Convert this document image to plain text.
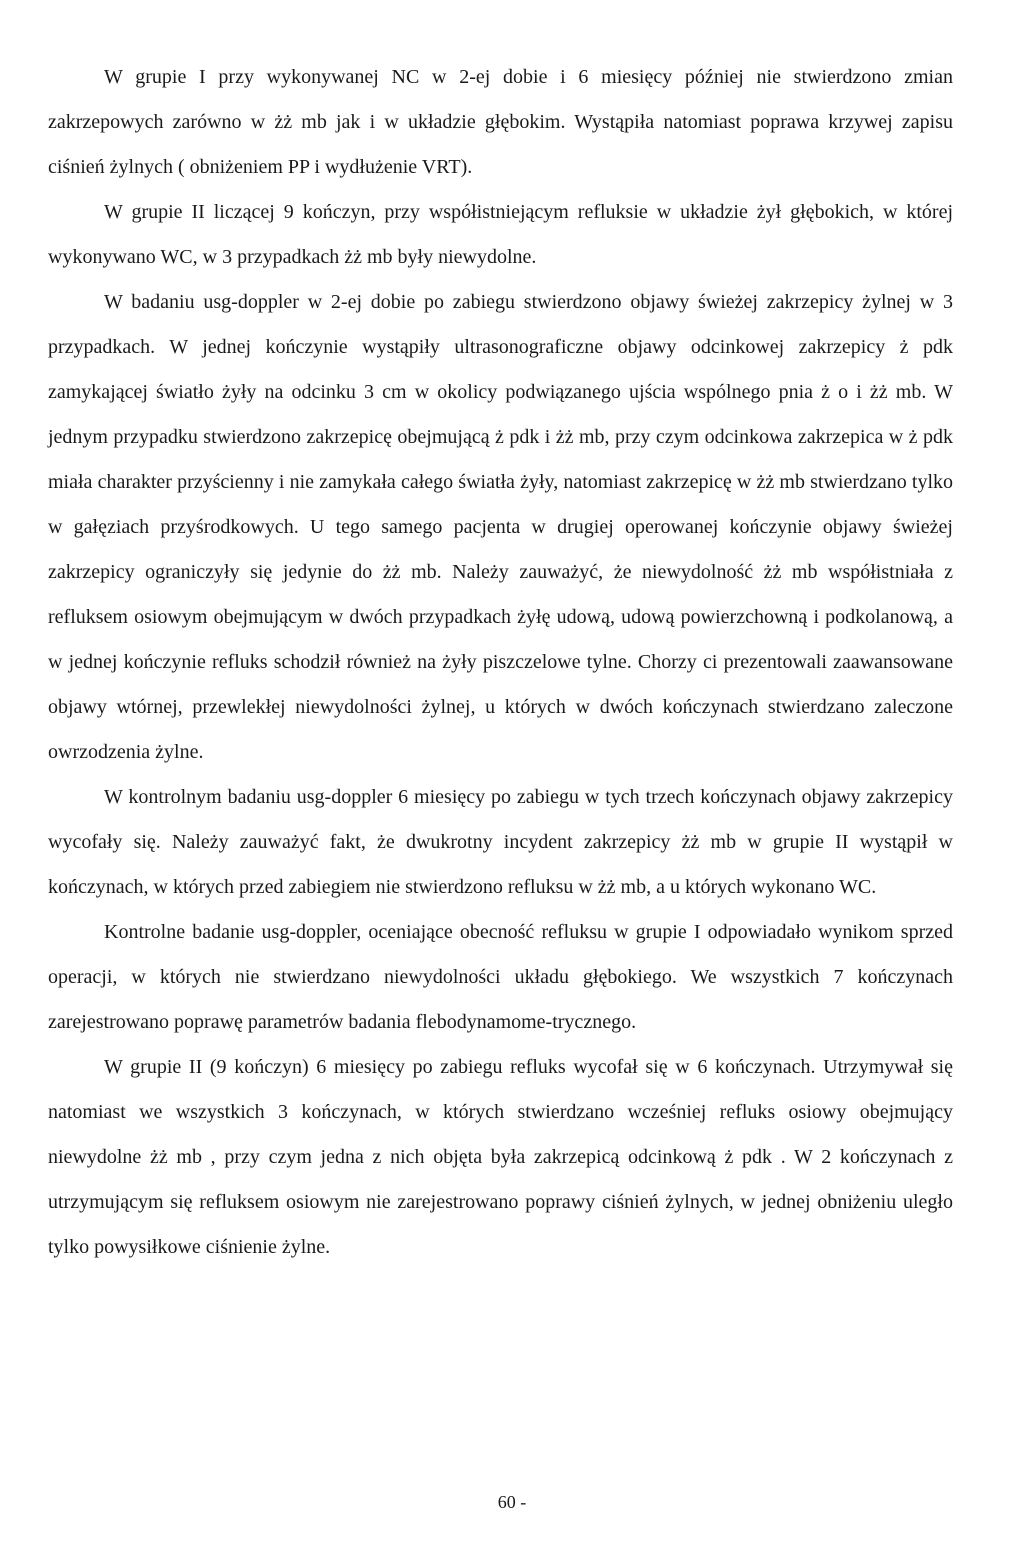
W grupie I przy wykonywanej NC w 2-ej dobie i 6 miesięcy później nie stwierdzono zmian zakrzepowych zarówno w żż mb jak i w układzie głębokim. Wystąpiła natomiast poprawa krzywej zapisu ciśnień żylnych ( obniżeniem PP i wydłużenie VRT).

W grupie II liczącej 9 kończyn, przy współistniejącym refluksie w układzie żył głębokich, w której wykonywano WC, w 3 przypadkach żż mb były niewydolne.

W badaniu usg-doppler w 2-ej dobie po zabiegu stwierdzono objawy świeżej zakrzepicy żylnej w 3 przypadkach. W jednej kończynie wystąpiły ultrasonograficzne objawy odcinkowej zakrzepicy ż pdk zamykającej światło żyły na odcinku 3 cm w okolicy podwiązanego ujścia wspólnego pnia ż o i żż mb. W jednym przypadku stwierdzono zakrzepicę obejmującą ż pdk i żż mb, przy czym odcinkowa zakrzepica w ż pdk miała charakter przyścienny i nie zamykała całego światła żyły, natomiast zakrzepicę w żż mb stwierdzano tylko w gałęziach przyśrodkowych. U tego samego pacjenta w drugiej operowanej kończynie objawy świeżej zakrzepicy ograniczyły się jedynie do żż mb. Należy zauważyć, że niewydolność żż mb współistniała z refluksem osiowym obejmującym w dwóch przypadkach żyłę udową, udową powierzchowną i podkolanową, a w jednej kończynie refluks schodził również na żyły piszczelowe tylne. Chorzy ci prezentowali zaawansowane objawy wtórnej, przewlekłej niewydolności żylnej, u których w dwóch kończynach stwierdzano zaleczone owrzodzenia żylne.

W kontrolnym badaniu usg-doppler 6 miesięcy po zabiegu w tych trzech kończynach objawy zakrzepicy wycofały się. Należy zauważyć fakt, że dwukrotny incydent zakrzepicy żż mb w grupie II wystąpił w kończynach, w których przed zabiegiem nie stwierdzono refluksu w żż mb, a u których wykonano WC.

Kontrolne badanie usg-doppler, oceniające obecność refluksu w grupie I odpowiadało wynikom sprzed operacji, w których nie stwierdzano niewydolności układu głębokiego. We wszystkich 7 kończynach zarejestrowano poprawę parametrów badania flebodynamome-trycznego.

W grupie II (9 kończyn) 6 miesięcy po zabiegu refluks wycofał się w 6 kończynach. Utrzymywał się natomiast we wszystkich 3 kończynach, w których stwierdzano wcześniej refluks osiowy obejmujący niewydolne żż mb , przy czym jedna z nich objęta była zakrzepicą odcinkową ż pdk . W 2 kończynach z utrzymującym się refluksem osiowym nie zarejestrowano poprawy ciśnień żylnych, w jednej obniżeniu uległo tylko powysiłkowe ciśnienie żylne.

60 -
